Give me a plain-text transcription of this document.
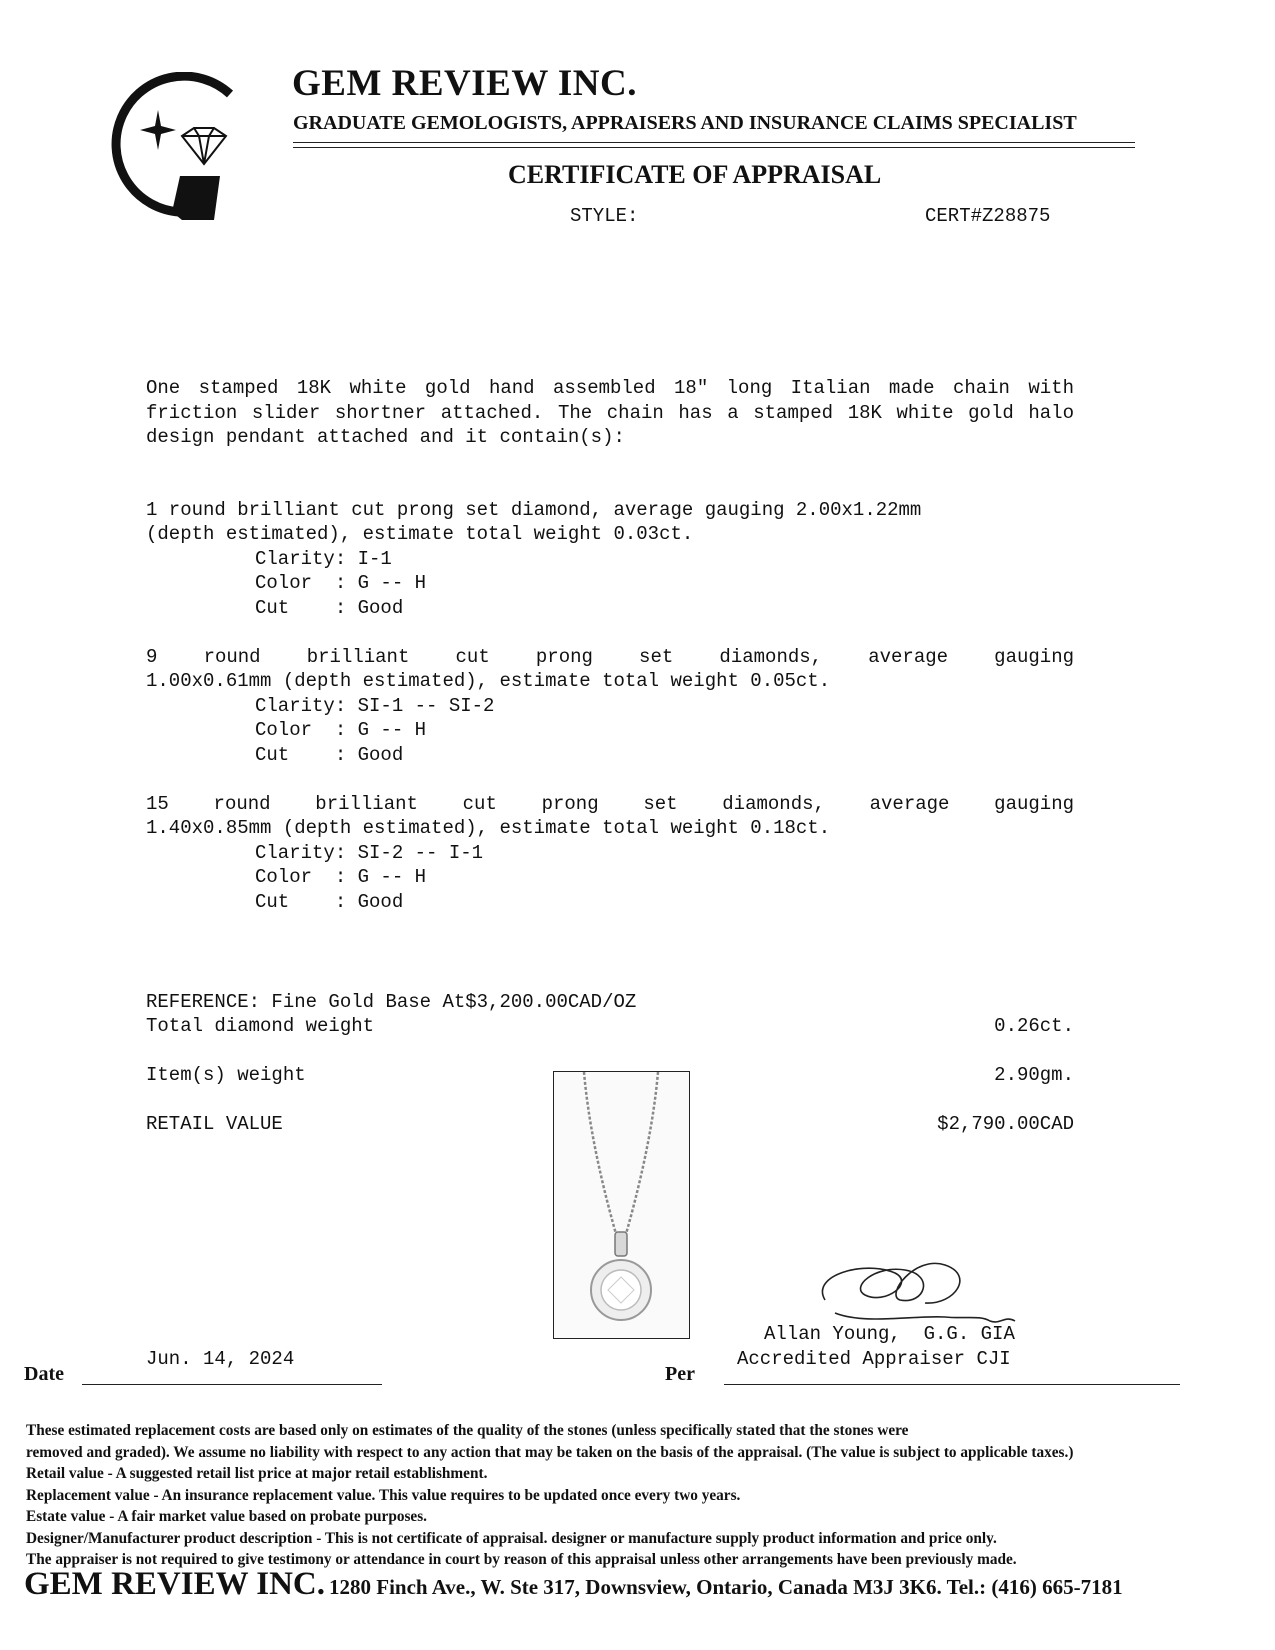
GEM REVIEW INC.
GRADUATE GEMOLOGISTS, APPRAISERS AND INSURANCE CLAIMS SPECIALIST
CERTIFICATE OF APPRAISAL
STYLE:	CERT#Z28875
One stamped 18K white gold hand assembled 18" long Italian made chain with friction slider shortner attached. The chain has a stamped 18K white gold halo design pendant attached and it contain(s):
1 round brilliant cut prong set diamond, average gauging 2.00x1.22mm
(depth estimated), estimate total weight 0.03ct.
Clarity: I-1
Color  : G -- H
Cut    : Good
9 round brilliant cut prong set diamonds, average gauging
1.00x0.61mm (depth estimated), estimate total weight 0.05ct.
Clarity: SI-1 -- SI-2
Color  : G -- H
Cut    : Good
15 round brilliant cut prong set diamonds, average gauging
1.40x0.85mm (depth estimated), estimate total weight 0.18ct.
Clarity: SI-2 -- I-1
Color  : G -- H
Cut    : Good
REFERENCE: Fine Gold Base At$3,200.00CAD/OZ
Total diamond weight	0.26ct.
Item(s) weight	2.90gm.
RETAIL VALUE	$2,790.00CAD
Allan Young,  G.G. GIA
Accredited Appraiser CJI
Jun. 14, 2024
Date	Per
These estimated replacement costs are based only on estimates of the quality of the stones (unless specifically stated that the stones were
removed and graded). We assume no liability with respect to any action that may be taken on the basis of the appraisal. (The value is subject to applicable taxes.)
Retail value - A suggested retail list price at major retail establishment.
Replacement value - An insurance replacement value. This value requires to be updated once every two years.
Estate value - A fair market value based on probate purposes.
Designer/Manufacturer product description - This is not certificate of appraisal. designer or manufacture supply product information and price only.
The appraiser is not required to give testimony or attendance in court by reason of this appraisal unless other arrangements have been previously made.
GEM REVIEW INC. 1280 Finch Ave., W. Ste 317, Downsview, Ontario, Canada M3J 3K6. Tel.: (416) 665-7181
